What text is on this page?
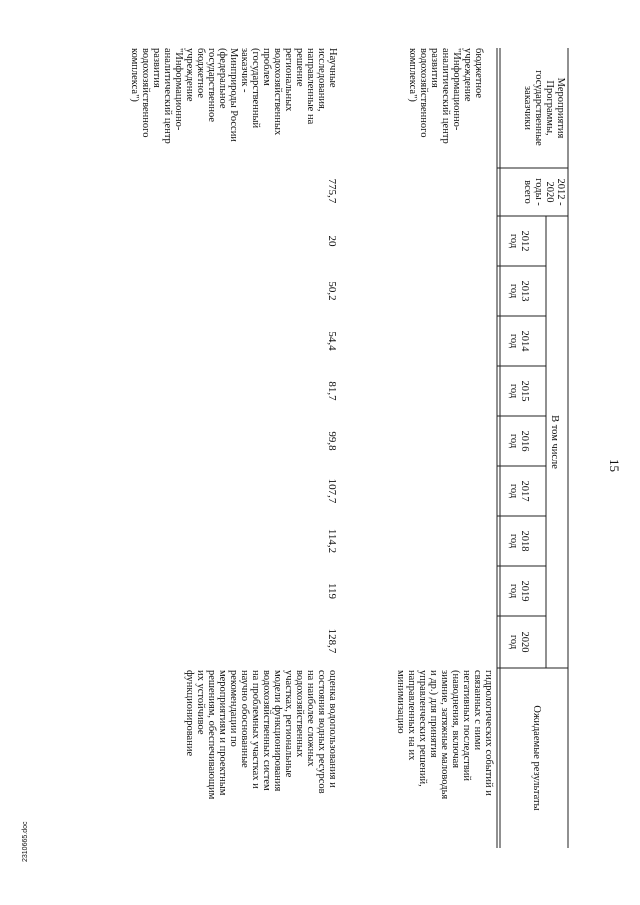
15
Мероприятия
Программы,
государственные
заказчики
2012 -
2020
годы -
всего
В том числе
2012
год
2013
год
2014
год
2015
год
2016
год
2017
год
2018
год
2019
год
2020
год
Ожидаемые результаты
бюджетное
учреждение
"Информационно-
аналитический центр
развития
водохозяйственного
комплекса")
гидрологических событий и
связанных с ними
негативных последствий
(наводнения, включая
зимние, затяжные маловодья
и др.) для принятия
управленческих решений,
направленных на их
минимизацию
Научные
исследования,
направленные на
решение
региональных
водохозяйственных
проблем
(государственный
заказчик -
Минприроды России
(федеральное
государственное
бюджетное
учреждение
"Информационно-
аналитический центр
развития
водохозяйственного
комплекса")
775,7
20
50,2
54,4
81,7
99,8
107,7
114,2
119
128,7
оценка водопользования и
состояния водных ресурсов
на наиболее сложных
водохозяйственных
участках, региональные
модели функционирования
водохозяйственных систем
на проблемных участках и
научно обоснованные
рекомендации по
мероприятиям и проектным
решениям, обеспечивающим
их устойчивое
функционирование
2310665.doc
